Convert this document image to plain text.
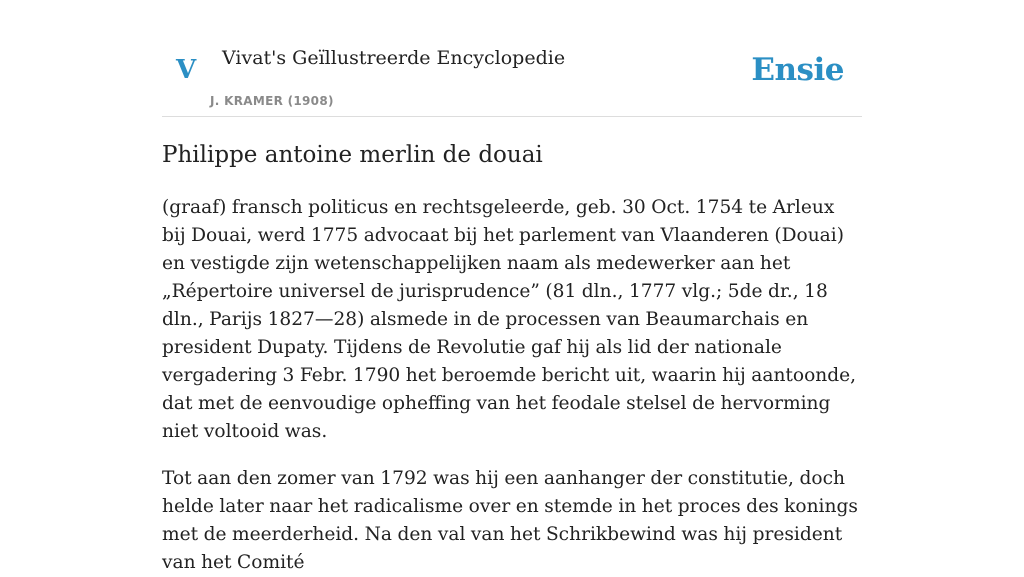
V Vivat's Geïllustreerde Encyclopedie
J. KRAMER (1908)
Ensie
Philippe antoine merlin de douai

(graaf) fransch politicus en rechtsgeleerde, geb. 30 Oct. 1754 te Arleux bij Douai, werd 1775 advocaat bij het parlement van Vlaanderen (Douai) en vestigde zijn wetenschappelijken naam als medewerker aan het „Répertoire universel de jurisprudence” (81 dln., 1777 vlg.; 5de dr., 18 dln., Parijs 1827—28) alsmede in de processen van Beaumarchais en president Dupaty. Tijdens de Revolutie gaf hij als lid der nationale vergadering 3 Febr. 1790 het beroemde bericht uit, waarin hij aantoonde, dat met de eenvoudige opheffing van het feodale stelsel de hervorming niet voltooid was.

Tot aan den zomer van 1792 was hij een aanhanger der constitutie, doch helde later naar het radicalisme over en stemde in het proces des konings met de meerderheid. Na den val van het Schrikbewind was hij president van het Comité
